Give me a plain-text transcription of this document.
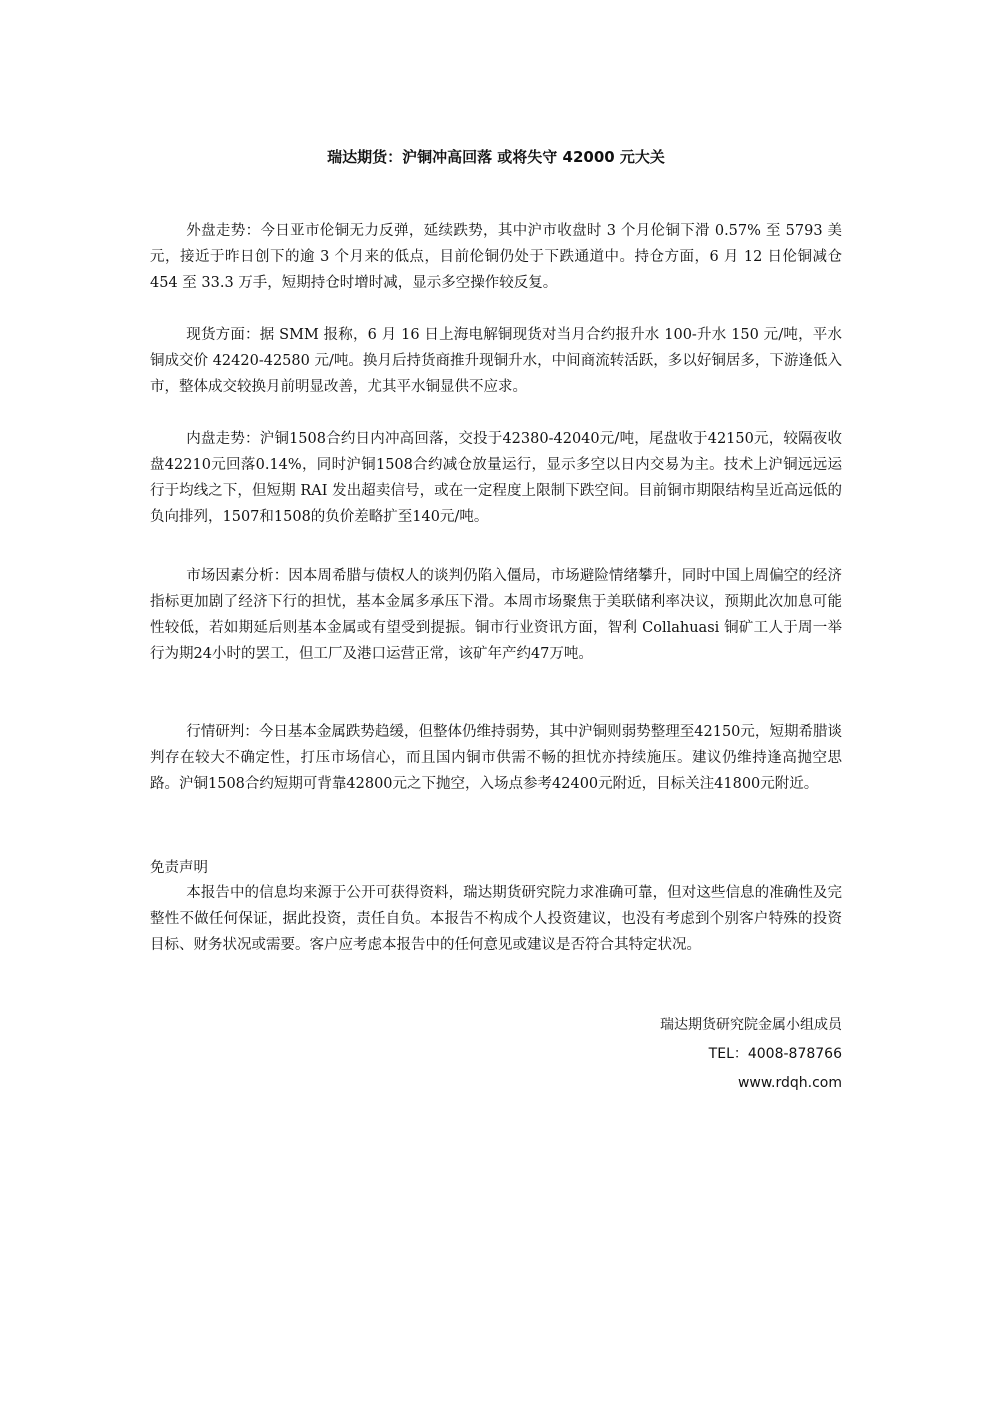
瑞达期货：沪铜冲高回落 或将失守 42000 元大关

外盘走势：今日亚市伦铜无力反弹，延续跌势，其中沪市收盘时 3 个月伦铜下滑 0.57% 至 5793 美元，接近于昨日创下的逾 3 个月来的低点，目前伦铜仍处于下跌通道中。持仓方面，6 月 12 日伦铜减仓 454 至 33.3 万手，短期持仓时增时减，显示多空操作较反复。

现货方面：据 SMM 报称，6 月 16 日上海电解铜现货对当月合约报升水 100-升水 150 元/吨，平水铜成交价 42420-42580 元/吨。换月后持货商推升现铜升水，中间商流转活跃，多以好铜居多，下游逢低入市，整体成交较换月前明显改善，尤其平水铜显供不应求。

内盘走势：沪铜1508合约日内冲高回落，交投于42380-42040元/吨，尾盘收于42150元，较隔夜收盘42210元回落0.14%，同时沪铜1508合约减仓放量运行，显示多空以日内交易为主。技术上沪铜远远运行于均线之下，但短期 RAI 发出超卖信号，或在一定程度上限制下跌空间。目前铜市期限结构呈近高远低的负向排列，1507和1508的负价差略扩至140元/吨。

市场因素分析：因本周希腊与债权人的谈判仍陷入僵局，市场避险情绪攀升，同时中国上周偏空的经济指标更加剧了经济下行的担忧，基本金属多承压下滑。本周市场聚焦于美联储利率决议，预期此次加息可能性较低，若如期延后则基本金属或有望受到提振。铜市行业资讯方面，智利 Collahuasi 铜矿工人于周一举行为期24小时的罢工，但工厂及港口运营正常，该矿年产约47万吨。

行情研判：今日基本金属跌势趋缓，但整体仍维持弱势，其中沪铜则弱势整理至42150元，短期希腊谈判存在较大不确定性，打压市场信心，而且国内铜市供需不畅的担忧亦持续施压。建议仍维持逢高抛空思路。沪铜1508合约短期可背靠42800元之下抛空，入场点参考42400元附近，目标关注41800元附近。

免责声明

本报告中的信息均来源于公开可获得资料，瑞达期货研究院力求准确可靠，但对这些信息的准确性及完整性不做任何保证，据此投资，责任自负。本报告不构成个人投资建议，也没有考虑到个别客户特殊的投资目标、财务状况或需要。客户应考虑本报告中的任何意见或建议是否符合其特定状况。

瑞达期货研究院金属小组成员
TEL：4008-878766
www.rdqh.com
